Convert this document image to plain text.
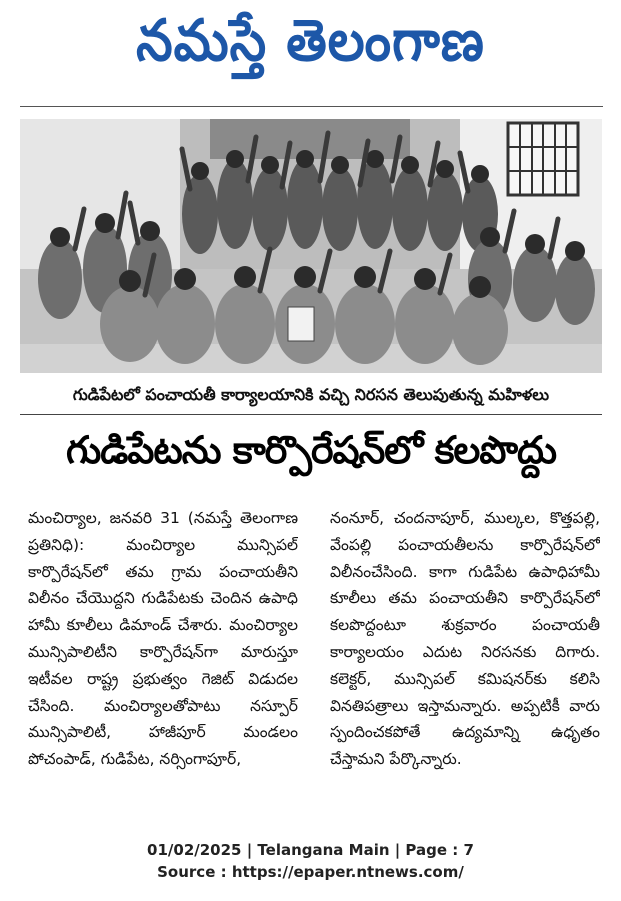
నమస్తే తెలంగాణ
గుడిపేటలో పంచాయతీ కార్యాలయానికి వచ్చి నిరసన తెలుపుతున్న మహిళలు
గుడిపేటను కార్పొరేషన్‌లో కలపొద్దు
మంచిర్యాల, జనవరి 31 (నమస్తే తెలంగాణ ప్రతినిధి): మంచిర్యాల మున్సిపల్ కార్పొరేషన్‌లో తమ గ్రామ పంచాయతీని విలీనం చేయొద్దని గుడిపేటకు చెందిన ఉపాధి హామీ కూలీలు డిమాండ్ చేశారు. మంచిర్యాల మున్సిపాలిటీని కార్పొరేషన్‌గా మారుస్తూ ఇటీవల రాష్ట్ర ప్రభుత్వం గెజిట్ విడుదల చేసింది. మంచిర్యాలతోపాటు నస్పూర్ మున్సిపాలిటీ, హాజీపూర్ మండలం పోచంపాడ్, గుడిపేట, నర్సింగాపూర్,
నంనూర్, చందనాపూర్, ముల్కల, కొత్తపల్లి, వేంపల్లి పంచాయతీలను కార్పొరేషన్‌లో విలీనంచేసింది. కాగా గుడిపేట ఉపాధిహామీ కూలీలు తమ పంచాయతీని కార్పొరేషన్‌లో కలపొద్దంటూ శుక్రవారం పంచాయతీ కార్యాలయం ఎదుట నిరసనకు దిగారు. కలెక్టర్, మున్సిపల్ కమిషనర్‌కు కలిసి వినతిపత్రాలు ఇస్తామన్నారు. అప్పటికీ వారు స్పందించకపోతే ఉద్యమాన్ని ఉధృతం చేస్తామని పేర్కొన్నారు.
01/02/2025 | Telangana Main | Page : 7
Source : https://epaper.ntnews.com/
